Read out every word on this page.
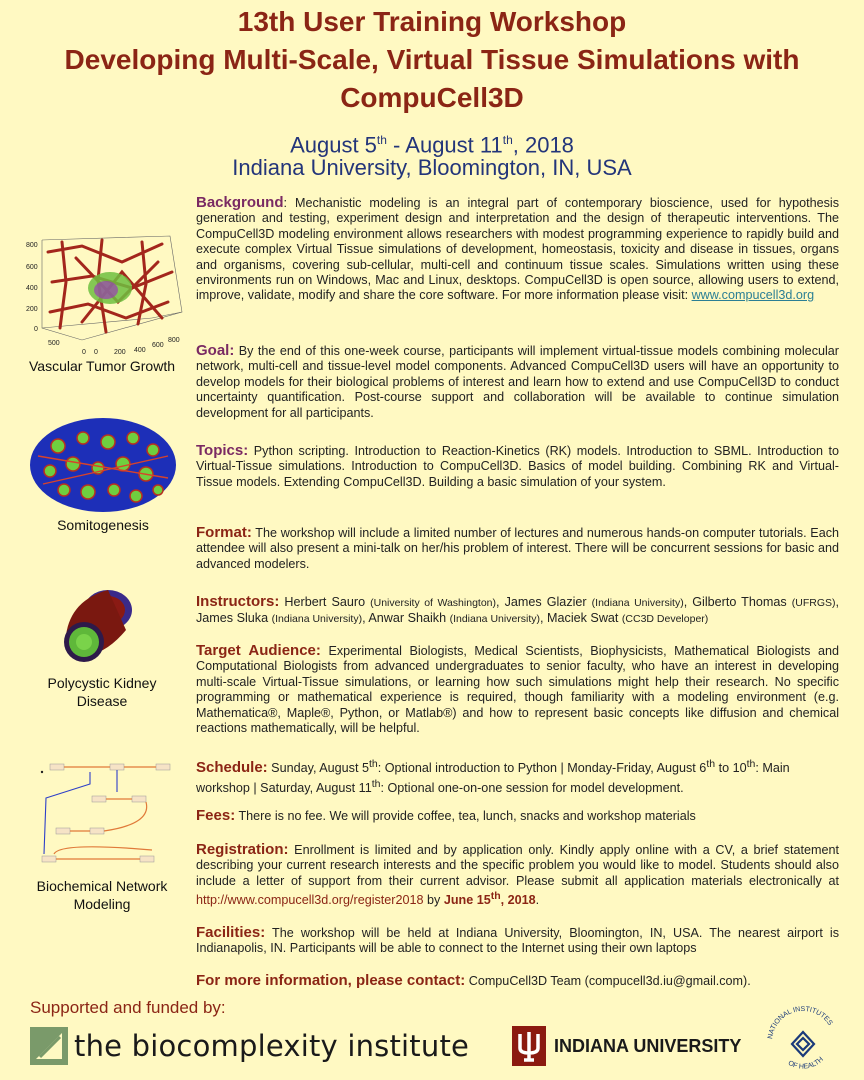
13th User Training Workshop
Developing Multi-Scale, Virtual Tissue Simulations with
CompuCell3D
August 5th - August 11th, 2018
Indiana University, Bloomington, IN, USA
800
600
400
200
0
500
0 0 200 400
600
800
Vascular Tumor Growth
Somitogenesis
Polycystic Kidney
Disease
Biochemical Network
Modeling
Background: Mechanistic modeling is an integral part of contemporary bioscience, used for hypothesis generation and testing, experiment design and interpretation and the design of therapeutic interventions. The CompuCell3D modeling environment allows researchers with modest programming experience to rapidly build and execute complex Virtual Tissue simulations of development, homeostasis, toxicity and disease in tissues, organs and organisms, covering sub-cellular, multi-cell and continuum tissue scales. Simulations written using these environments run on Windows, Mac and Linux, desktops. CompuCell3D is open source, allowing users to extend, improve, validate, modify and share the core software. For more information please visit: www.compucell3d.org
Goal: By the end of this one-week course, participants will implement virtual-tissue models combining molecular network, multi-cell and tissue-level model components. Advanced CompuCell3D users will have an opportunity to develop models for their biological problems of interest and learn how to extend and use CompuCell3D to conduct uncertainty quantification. Post-course support and collaboration will be available to continue simulation development for all participants.
Topics: Python scripting. Introduction to Reaction-Kinetics (RK) models. Introduction to SBML. Introduction to Virtual-Tissue simulations. Introduction to CompuCell3D. Basics of model building. Combining RK and Virtual-Tissue models. Extending CompuCell3D. Building a basic simulation of your system.
Format: The workshop will include a limited number of lectures and numerous hands-on computer tutorials. Each attendee will also present a mini-talk on her/his problem of interest. There will be concurrent sessions for basic and advanced modelers.
Instructors: Herbert Sauro (University of Washington), James Glazier (Indiana University), Gilberto Thomas (UFRGS), James Sluka (Indiana University), Anwar Shaikh (Indiana University), Maciek Swat (CC3D Developer)
Target Audience: Experimental Biologists, Medical Scientists, Biophysicists, Mathematical Biologists and Computational Biologists from advanced undergraduates to senior faculty, who have an interest in developing multi-scale Virtual-Tissue simulations, or learning how such simulations might help their research. No specific programming or mathematical experience is required, though familiarity with a modeling environment (e.g. Mathematica®, Maple®, Python, or Matlab®) and how to represent basic concepts like diffusion and chemical reactions mathematically, will be helpful.
Schedule: Sunday, August 5th: Optional introduction to Python | Monday-Friday, August 6th to 10th: Main workshop | Saturday, August 11th: Optional one-on-one session for model development.
Fees: There is no fee. We will provide coffee, tea, lunch, snacks and workshop materials
Registration: Enrollment is limited and by application only. Kindly apply online with a CV, a brief statement describing your current research interests and the specific problem you would like to model. Students should also include a letter of support from their current advisor. Please submit all application materials electronically at http://www.compucell3d.org/register2018 by June 15th, 2018.
Facilities: The workshop will be held at Indiana University, Bloomington, IN, USA. The nearest airport is Indianapolis, IN. Participants will be able to connect to the Internet using their own laptops
For more information, please contact: CompuCell3D Team (compucell3d.iu@gmail.com).
Supported and funded by:
the biocomplexity institute	INDIANA UNIVERSITY	NATIONAL INSTITUTES
OF HEALTH
